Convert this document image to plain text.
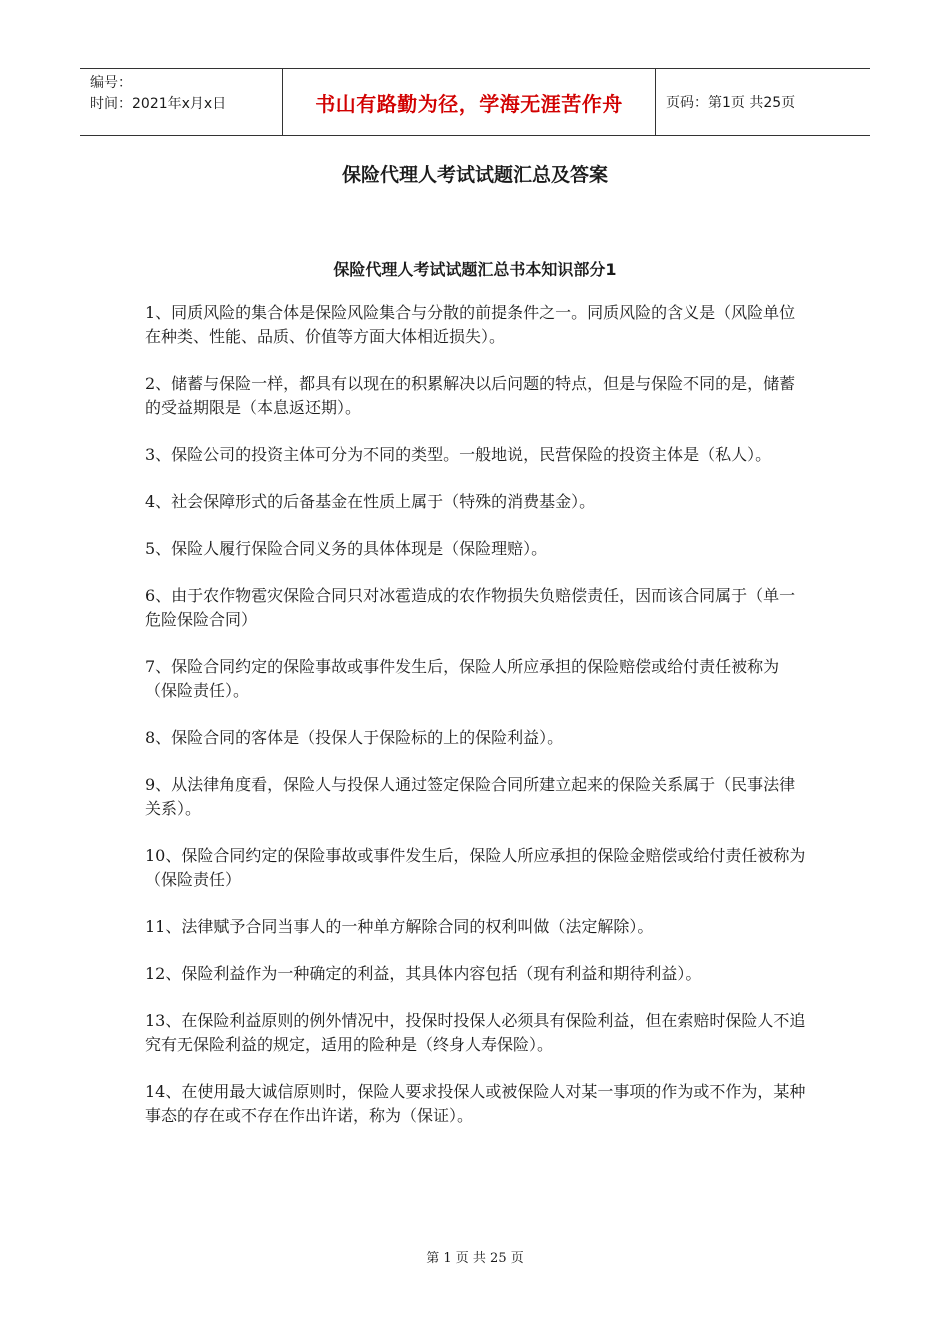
编号：
时间：2021年x月x日	书山有路勤为径，学海无涯苦作舟	页码：第1页 共25页
保险代理人考试试题汇总及答案
保险代理人考试试题汇总书本知识部分1

1、同质风险的集合体是保险风险集合与分散的前提条件之一。同质风险的含义是（风险单位在种类、性能、品质、价值等方面大体相近损失）。

2、储蓄与保险一样，都具有以现在的积累解决以后问题的特点，但是与保险不同的是，储蓄的受益期限是（本息返还期）。

3、保险公司的投资主体可分为不同的类型。一般地说，民营保险的投资主体是（私人）。

4、社会保障形式的后备基金在性质上属于（特殊的消费基金）。

5、保险人履行保险合同义务的具体体现是（保险理赔）。

6、由于农作物雹灾保险合同只对冰雹造成的农作物损失负赔偿责任，因而该合同属于（单一危险保险合同）

7、保险合同约定的保险事故或事件发生后，保险人所应承担的保险赔偿或给付责任被称为（保险责任）。

8、保险合同的客体是（投保人于保险标的上的保险利益）。

9、从法律角度看，保险人与投保人通过签定保险合同所建立起来的保险关系属于（民事法律关系）。

10、保险合同约定的保险事故或事件发生后，保险人所应承担的保险金赔偿或给付责任被称为（保险责任）

11、法律赋予合同当事人的一种单方解除合同的权利叫做（法定解除）。

12、保险利益作为一种确定的利益，其具体内容包括（现有利益和期待利益）。

13、在保险利益原则的例外情况中，投保时投保人必须具有保险利益，但在索赔时保险人不追究有无保险利益的规定，适用的险种是（终身人寿保险）。

14、在使用最大诚信原则时，保险人要求投保人或被保险人对某一事项的作为或不作为，某种事态的存在或不存在作出许诺，称为（保证）。

第 1 页 共 25 页
